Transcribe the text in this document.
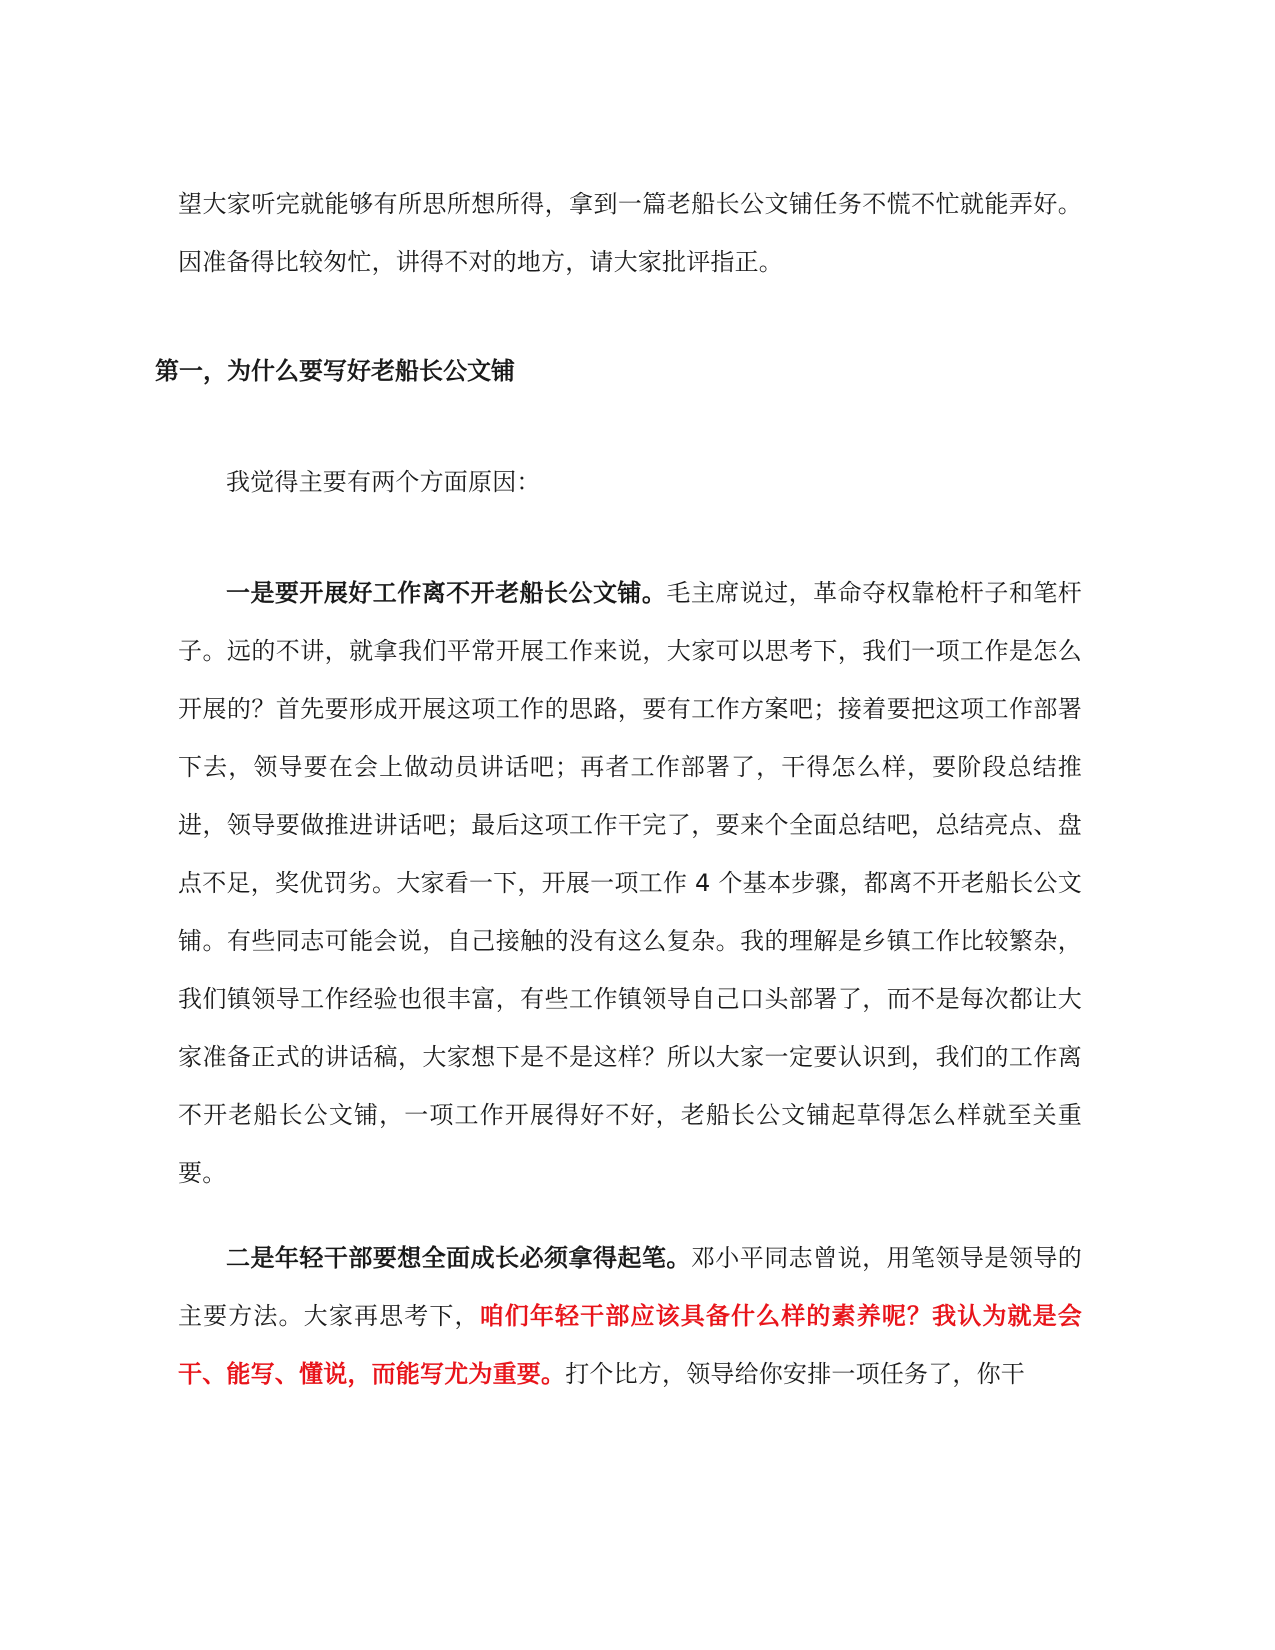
望大家听完就能够有所思所想所得，拿到一篇老船长公文铺任务不慌不忙就能弄好。因准备得比较匆忙，讲得不对的地方，请大家批评指正。

第一，为什么要写好老船长公文铺

我觉得主要有两个方面原因：

一是要开展好工作离不开老船长公文铺。毛主席说过，革命夺权靠枪杆子和笔杆子。远的不讲，就拿我们平常开展工作来说，大家可以思考下，我们一项工作是怎么开展的？首先要形成开展这项工作的思路，要有工作方案吧；接着要把这项工作部署下去，领导要在会上做动员讲话吧；再者工作部署了，干得怎么样，要阶段总结推进，领导要做推进讲话吧；最后这项工作干完了，要来个全面总结吧，总结亮点、盘点不足，奖优罚劣。大家看一下，开展一项工作 4 个基本步骤，都离不开老船长公文铺。有些同志可能会说，自己接触的没有这么复杂。我的理解是乡镇工作比较繁杂，我们镇领导工作经验也很丰富，有些工作镇领导自己口头部署了，而不是每次都让大家准备正式的讲话稿，大家想下是不是这样？所以大家一定要认识到，我们的工作离不开老船长公文铺，一项工作开展得好不好，老船长公文铺起草得怎么样就至关重要。

二是年轻干部要想全面成长必须拿得起笔。邓小平同志曾说，用笔领导是领导的主要方法。大家再思考下，咱们年轻干部应该具备什么样的素养呢？我认为就是会干、能写、懂说，而能写尤为重要。打个比方，领导给你安排一项任务了，你干
